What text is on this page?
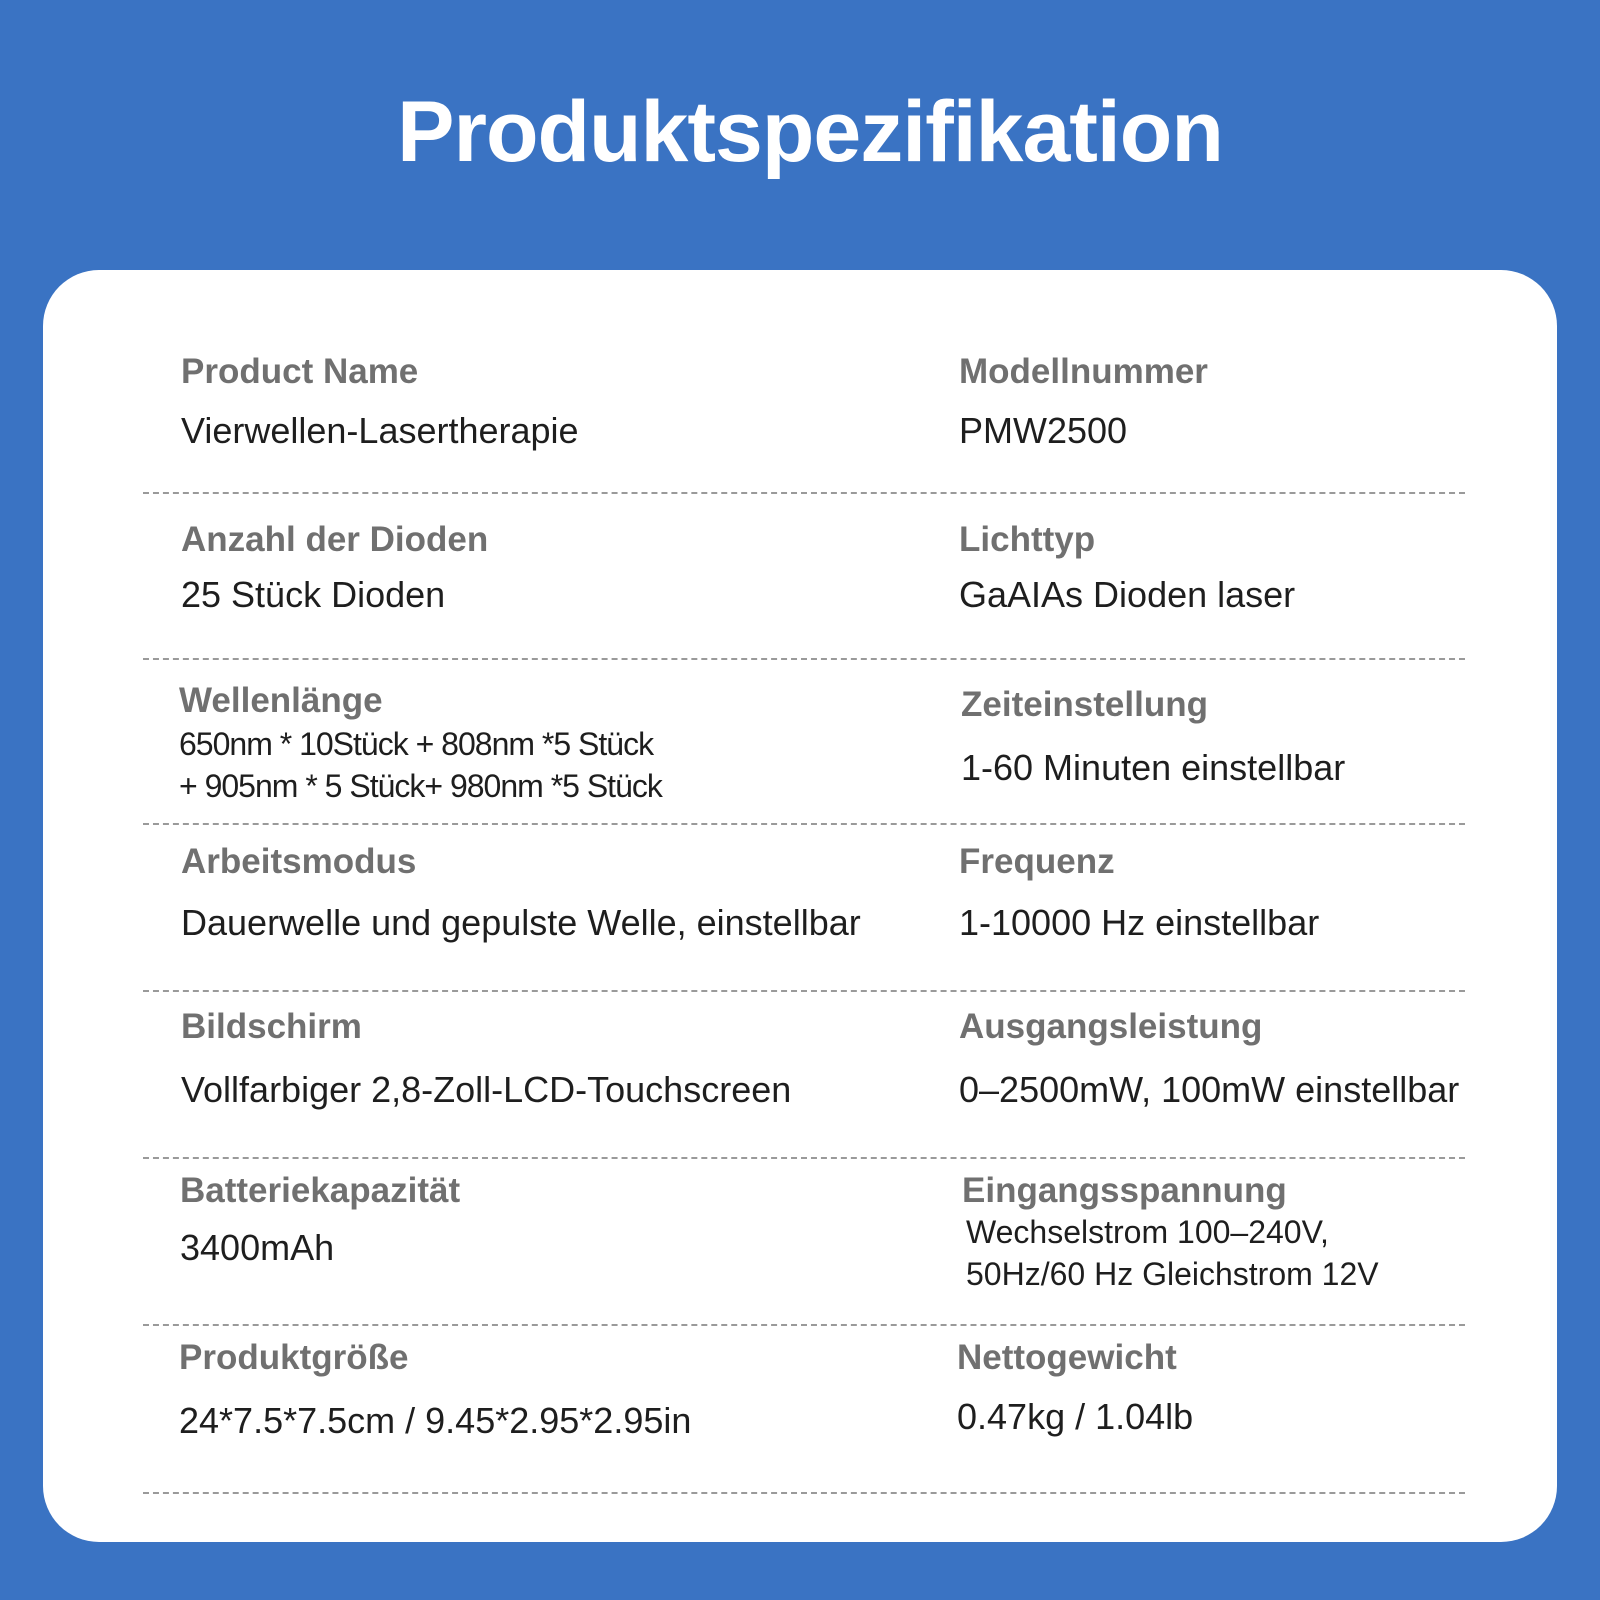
Produktspezifikation
Product Name
Vierwellen-Lasertherapie
Modellnummer
PMW2500
Anzahl der Dioden
25 Stück Dioden
Lichttyp
GaAIAs Dioden laser
Wellenlänge
650nm * 10Stück + 808nm *5 Stück
+ 905nm * 5 Stück+ 980nm *5 Stück
Zeiteinstellung
1-60 Minuten einstellbar
Arbeitsmodus
Dauerwelle und gepulste Welle, einstellbar
Frequenz
1-10000 Hz einstellbar
Bildschirm
Vollfarbiger 2,8-Zoll-LCD-Touchscreen
Ausgangsleistung
0–2500mW, 100mW einstellbar
Batteriekapazität
3400mAh
Eingangsspannung
Wechselstrom 100–240V,
50Hz/60 Hz Gleichstrom 12V
Produktgröße
24*7.5*7.5cm / 9.45*2.95*2.95in
Nettogewicht
0.47kg / 1.04lb
